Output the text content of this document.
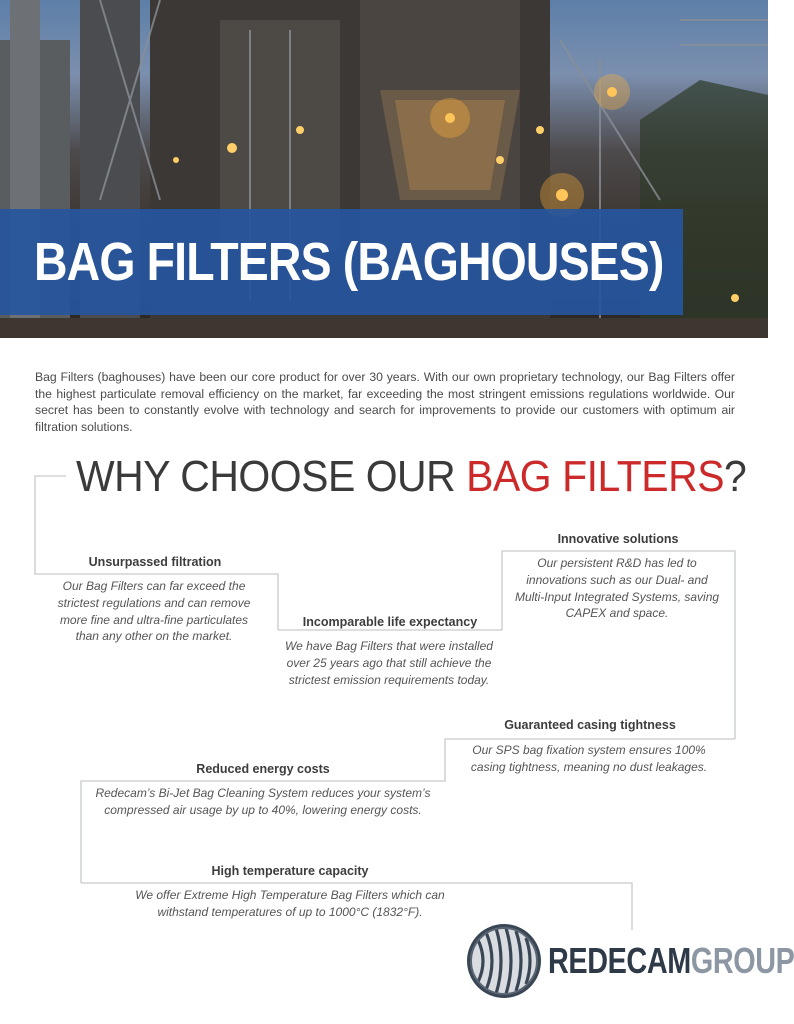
BAG FILTERS (BAGHOUSES)

Bag Filters (baghouses) have been our core product for over 30 years. With our own proprietary technology, our Bag Filters offer the highest particulate removal efficiency on the market, far exceeding the most stringent emissions regulations worldwide. Our secret has been to constantly evolve with technology and search for improvements to provide our customers with optimum air filtration solutions.

WHY CHOOSE OUR BAG FILTERS?
Unsurpassed filtration
Our Bag Filters can far exceed the strictest regulations and can remove more fine and ultra-fine particulates than any other on the market.
Incomparable life expectancy
We have Bag Filters that were installed over 25 years ago that still achieve the strictest emission requirements today.
Innovative solutions
Our persistent R&D has led to innovations such as our Dual- and Multi-Input Integrated Systems, saving CAPEX and space.
Guaranteed casing tightness
Our SPS bag fixation system ensures 100% casing tightness, meaning no dust leakages.
Reduced energy costs
Redecam’s Bi-Jet Bag Cleaning System reduces your system’s compressed air usage by up to 40%, lowering energy costs.
High temperature capacity
We offer Extreme High Temperature Bag Filters which can withstand temperatures of up to 1000°C (1832°F).
REDECAMGROUP
